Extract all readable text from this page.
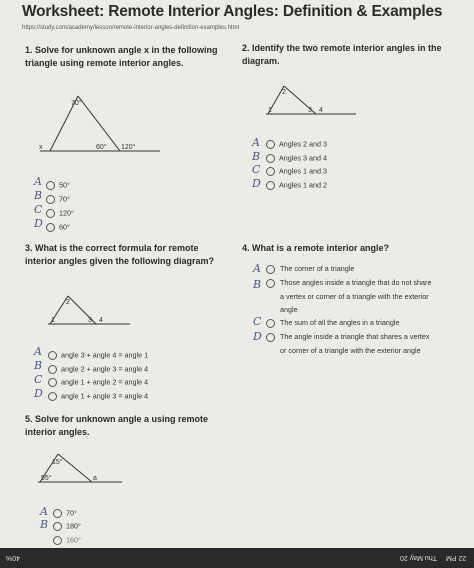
Worksheet: Remote Interior Angles: Definition & Examples
https://study.com/academy/lesson/remote-interior-angles-definition-examples.html
1. Solve for unknown angle x in the following triangle using remote interior angles.
70°
x	60° 120°
A
B
C
D
50°
70°
120°
60°
2. Identify the two remote interior angles in the diagram.
2
1	3 4
A
B
C
D
Angles 2 and 3
Angles 3 and 4
Angles 1 and 3
Angles 1 and 2
3. What is the correct formula for remote interior angles given the following diagram?
2
1	3 4
A
B
C
D
angle 3 + angle 4 = angle 1
angle 2 + angle 3 = angle 4
angle 1 + angle 2 = angle 4
angle 1 + angle 3 = angle 4
4. What is a remote interior angle?
A
B
C
D
The corner of a triangle
Those angles inside a triangle that do not share a vertex or corner of a triangle with the exterior angle
The sum of all the angles in a triangle
The angle inside a triangle that shares a vertex or corner of a triangle with the exterior angle
5. Solve for unknown angle a using remote interior angles.
15°
55°	a
A
B
70°
180°
160°
40%	Thu May 20 22 PM
